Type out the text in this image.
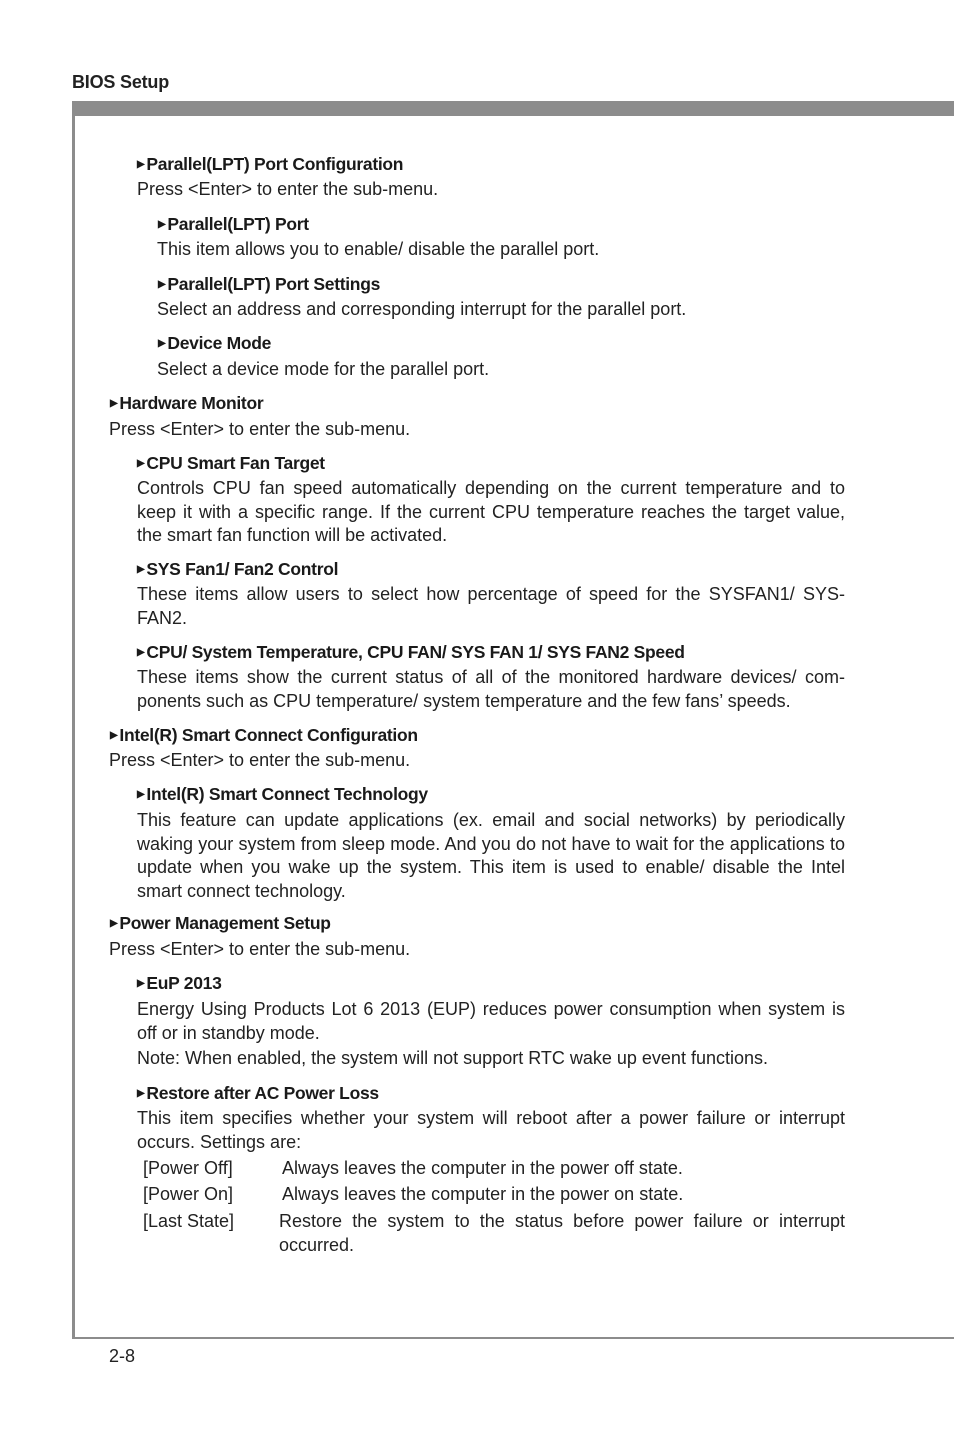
BIOS Setup
2-8
▶ Parallel(LPT) Port Configuration
Press <Enter> to enter the sub-menu.
▶ Parallel(LPT) Port
This item allows you to enable/ disable the parallel port.
▶ Parallel(LPT) Port Settings
Select an address and corresponding interrupt for the parallel port.
▶ Device Mode
Select a device mode for the parallel port.
▶ Hardware Monitor
Press <Enter> to enter the sub-menu.
▶ CPU Smart Fan Target
Controls CPU fan speed automatically depending on the current temperature and to keep it with a specific range. If the current CPU temperature reaches the target value, the smart fan function will be activated.
▶ SYS Fan1/ Fan2 Control
These items allow users to select how percentage of speed for the SYSFAN1/ SYS-FAN2.
▶ CPU/ System Temperature, CPU FAN/ SYS FAN 1/ SYS FAN2 Speed
These items show the current status of all of the monitored hardware devices/ com-ponents such as CPU temperature/ system temperature and the few fans’ speeds.
▶ Intel(R) Smart Connect Configuration
Press <Enter> to enter the sub-menu.
▶ Intel(R) Smart Connect Technology
This feature can update applications (ex. email and social networks) by periodically waking your system from sleep mode. And you do not have to wait for the applications to update when you wake up the system. This item is used to enable/ disable the Intel smart connect technology.
▶ Power Management Setup
Press <Enter> to enter the sub-menu.
▶ EuP 2013
Energy Using Products Lot 6 2013 (EUP) reduces power consumption when system is off or in standby mode.
Note: When enabled, the system will not support RTC wake up event functions.
▶ Restore after AC Power Loss
This item specifies whether your system will reboot after a power failure or interrupt occurs. Settings are:
[Power Off]	Always leaves the computer in the power off state.
[Power On]	Always leaves the computer in the power on state.
[Last State] Restore the system to the status before power failure or interrupt occurred.
